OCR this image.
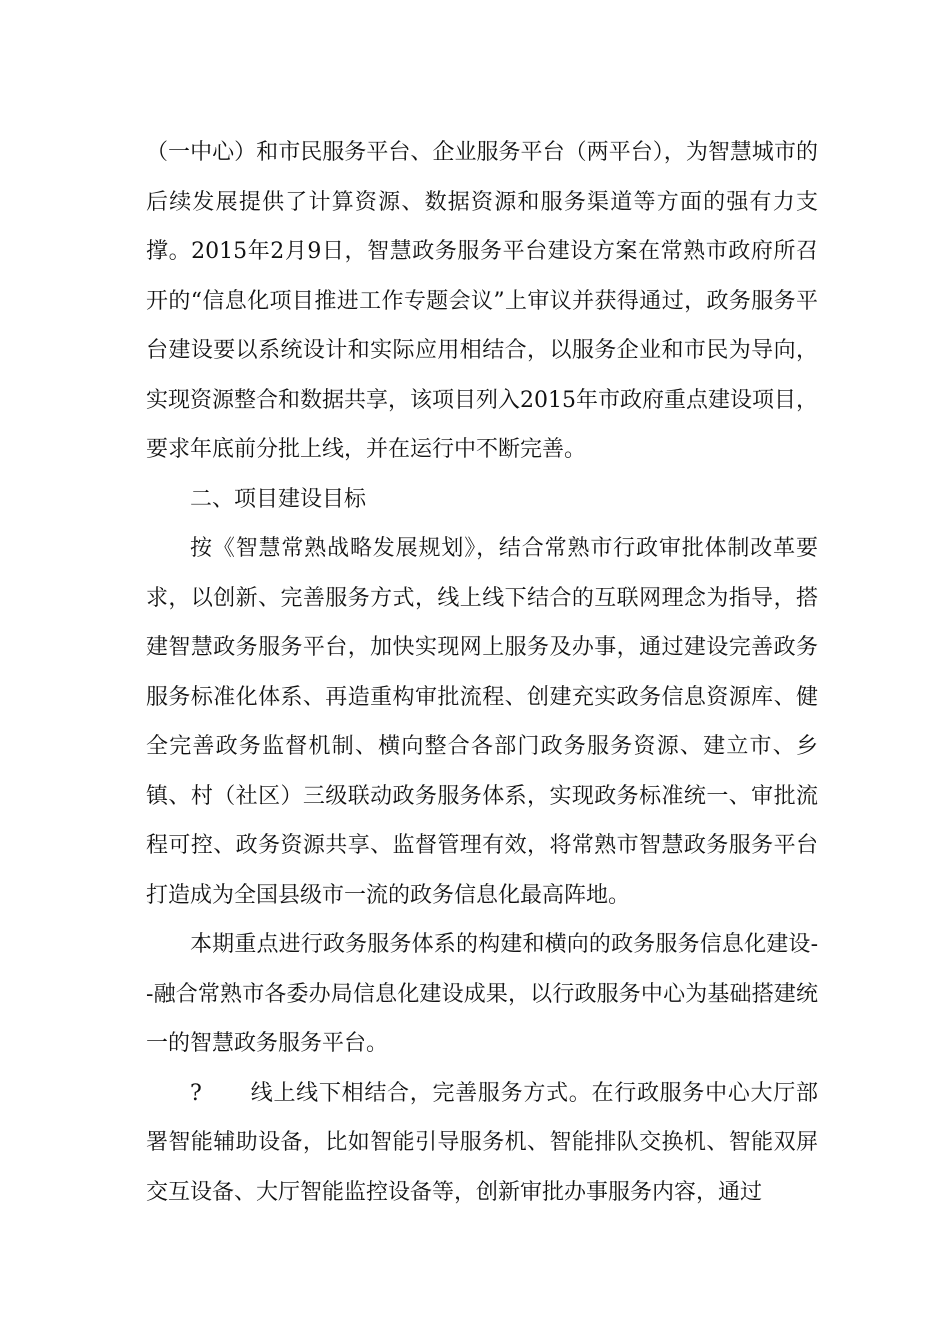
（一中心）和市民服务平台、企业服务平台（两平台），为智慧城市的后续发展提供了计算资源、数据资源和服务渠道等方面的强有力支撑。2015年2月9日，智慧政务服务平台建设方案在常熟市政府所召开的“信息化项目推进工作专题会议”上审议并获得通过，政务服务平台建设要以系统设计和实际应用相结合，以服务企业和市民为导向，实现资源整合和数据共享，该项目列入2015年市政府重点建设项目，要求年底前分批上线，并在运行中不断完善。

二、项目建设目标

按《智慧常熟战略发展规划》，结合常熟市行政审批体制改革要求，以创新、完善服务方式，线上线下结合的互联网理念为指导，搭建智慧政务服务平台，加快实现网上服务及办事，通过建设完善政务服务标准化体系、再造重构审批流程、创建充实政务信息资源库、健全完善政务监督机制、横向整合各部门政务服务资源、建立市、乡镇、村（社区）三级联动政务服务体系，实现政务标准统一、审批流程可控、政务资源共享、监督管理有效，将常熟市智慧政务服务平台打造成为全国县级市一流的政务信息化最高阵地。

本期重点进行政务服务体系的构建和横向的政务服务信息化建设--融合常熟市各委办局信息化建设成果，以行政服务中心为基础搭建统一的智慧政务服务平台。

? 线上线下相结合，完善服务方式。在行政服务中心大厅部署智能辅助设备，比如智能引导服务机、智能排队交换机、智能双屏交互设备、大厅智能监控设备等，创新审批办事服务内容，通过
